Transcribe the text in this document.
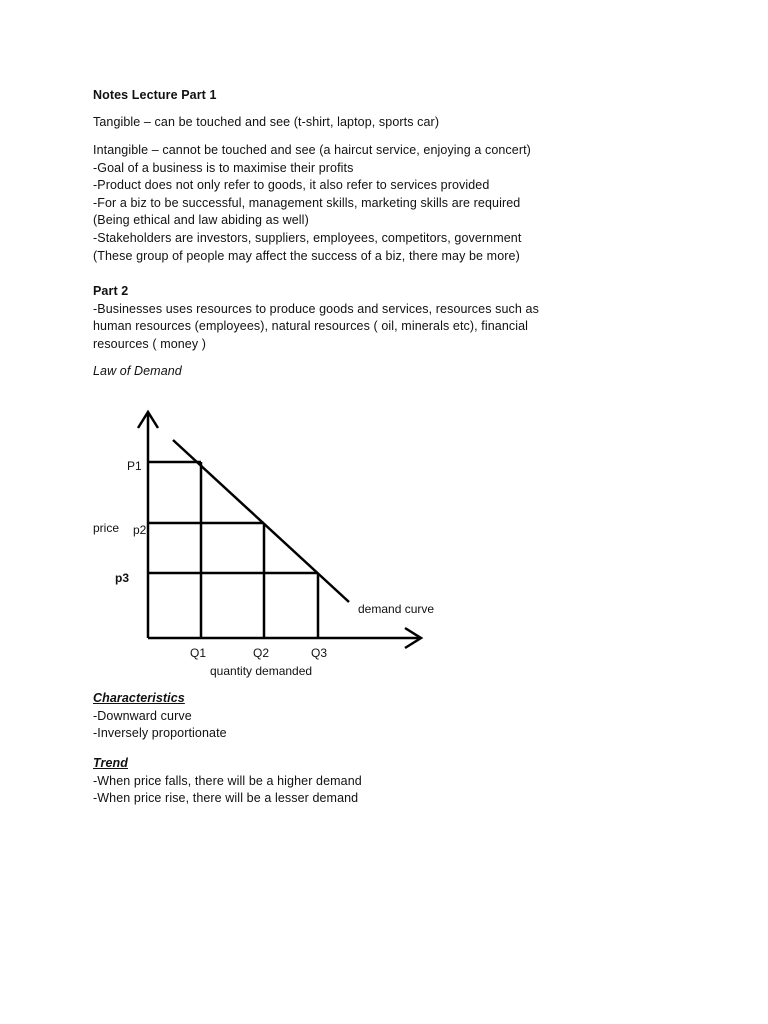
Notes Lecture Part 1
Tangible – can be touched and see (t-shirt, laptop, sports car)
Intangible – cannot be touched and see (a haircut service, enjoying a concert)
-Goal of a business is to maximise their profits
-Product does not only refer to goods, it also refer to services provided
-For a biz to be successful, management skills, marketing skills are required
(Being ethical and law abiding as well)
-Stakeholders are investors, suppliers, employees, competitors, government
(These group of people may affect the success of a biz, there may be more)
Part 2
-Businesses uses resources to produce goods and services, resources such as
human resources (employees), natural resources ( oil, minerals etc), financial
resources ( money )
Law of Demand
P1
price p2
p3
demand curve
Q1	Q2	Q3
quantity demanded
Characteristics
-Downward curve
-Inversely proportionate
Trend
-When price falls, there will be a higher demand
-When price rise, there will be a lesser demand
